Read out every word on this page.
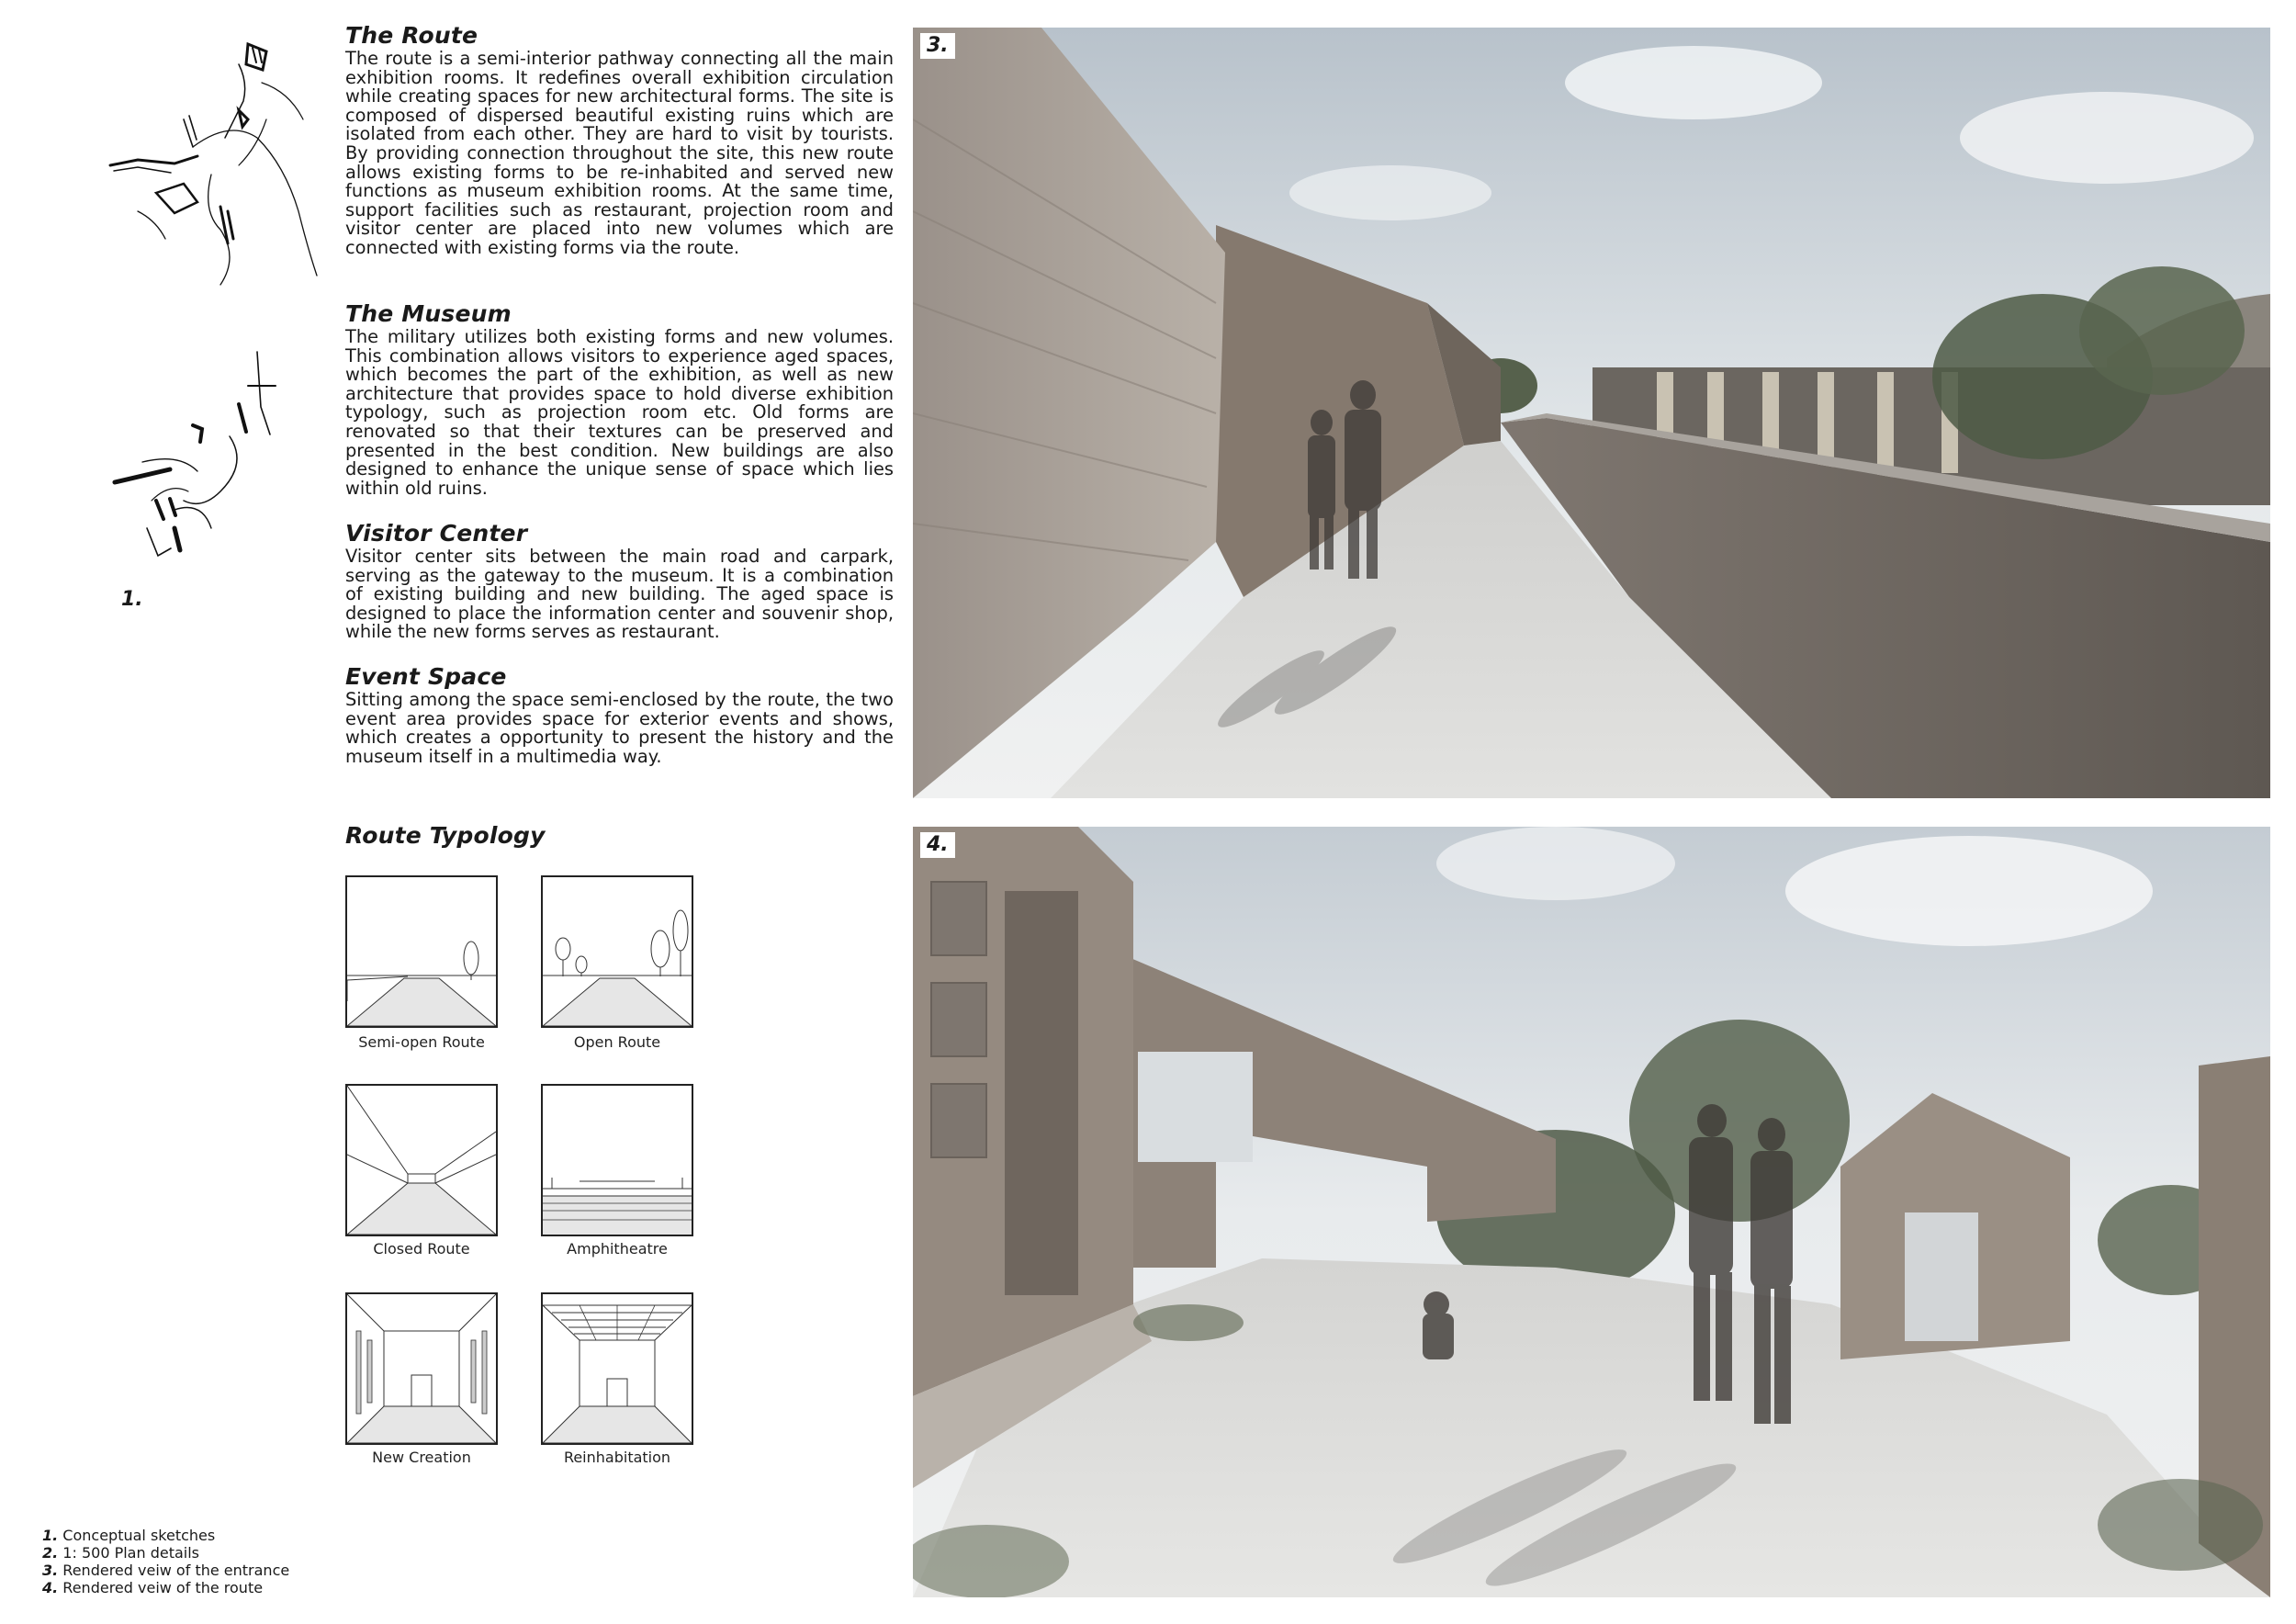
1.
The Route

The route is a semi-interior pathway connecting all the main exhibition rooms. It redefines overall exhibition circulation while creating spaces for new architectural forms. The site is composed of dispersed beautiful existing ruins which are isolated from each other. They are hard to visit by tourists. By providing connection throughout the site, this new route allows existing forms to be re-inhabited and served new functions as museum exhibition rooms. At the same time, support facilities such as restaurant, projection room and visitor center are placed into new volumes which are connected with existing forms via the route.

The Museum

The military utilizes both existing forms and new volumes. This combination allows visitors to experience aged spaces, which becomes the part of the exhibition, as well as new architecture that provides space to hold diverse exhibition typology, such as projection room etc. Old forms are renovated so that their textures can be preserved and presented in the best condition. New buildings are also designed to enhance the unique sense of space which lies within old ruins.

Visitor Center

Visitor center sits between the main road and carpark, serving as the gateway to the museum. It is a combination of existing building and new building. The aged space is designed to place the information center and souvenir shop, while the new forms serves as restaurant.

Event Space

Sitting among the space semi-enclosed by the route, the two event area provides space for exterior events and shows, which creates a opportunity to present the history and the museum itself in a multimedia way.

Route Typology
Semi-open Route	Open Route
Closed Route	Amphitheatre
New Creation	Reinhabitation
3.
4.
1. Conceptual sketches
2. 1: 500 Plan details
3. Rendered veiw of the entrance
4. Rendered veiw of the route
